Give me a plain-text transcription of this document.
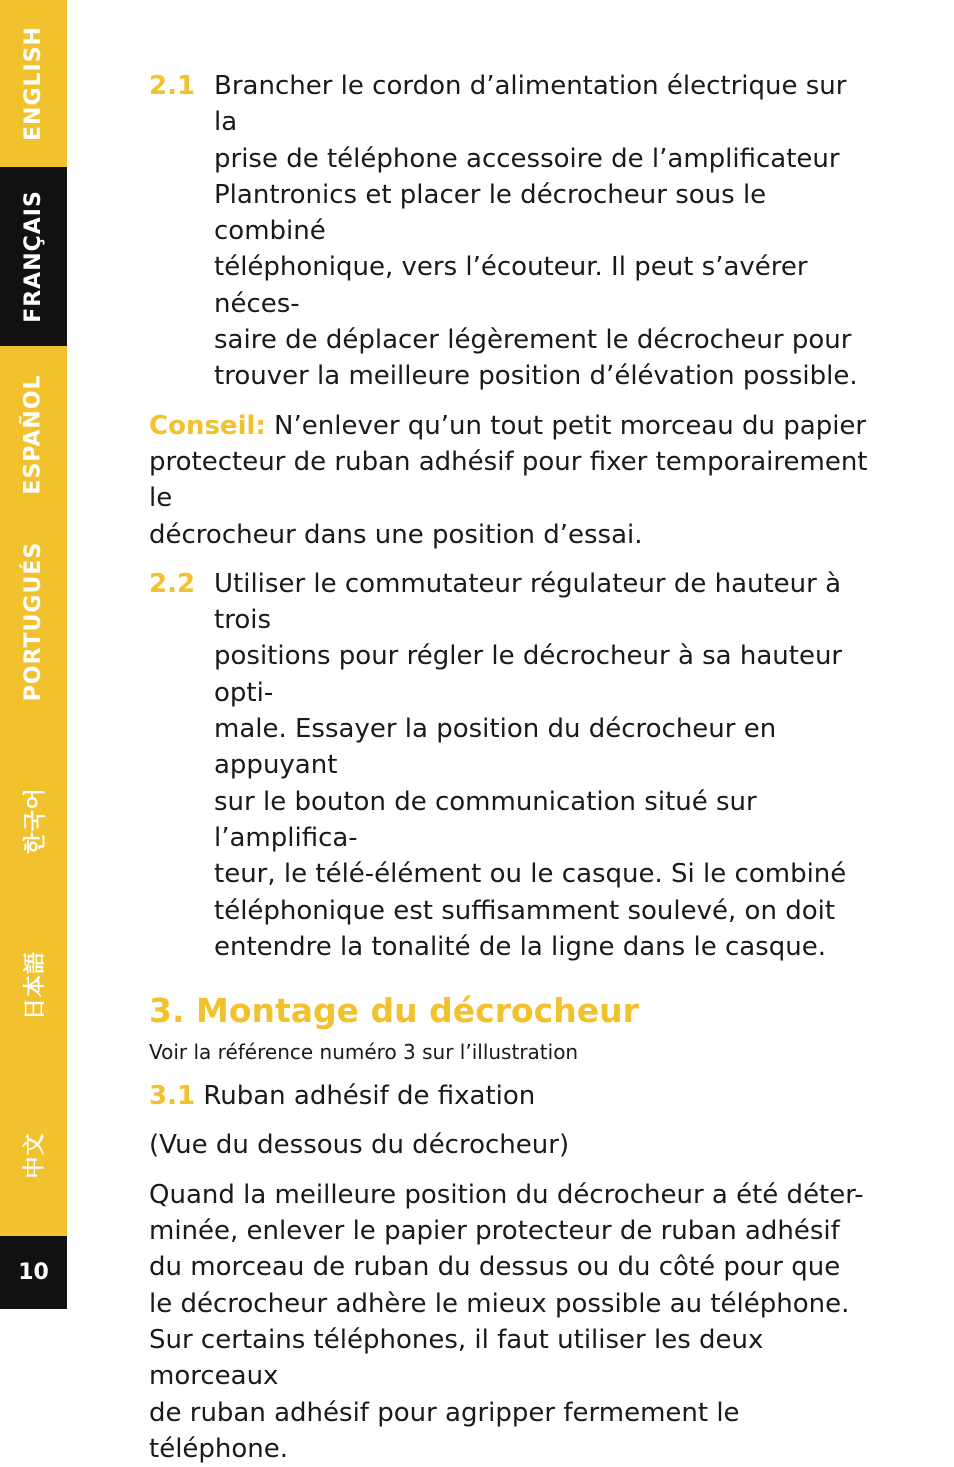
ENGLISH
FRANÇAIS
ESPAÑOL
PORTUGUÉS
한국어
日本語
中文
10
2.1 Brancher le cordon d’alimentation électrique sur la
prise de téléphone accessoire de l’amplificateur
Plantronics et placer le décrocheur sous le combiné
téléphonique, vers l’écouteur. Il peut s’avérer néces-
saire de déplacer légèrement le décrocheur pour
trouver la meilleure position d’élévation possible.

Conseil: N’enlever qu’un tout petit morceau du papier
protecteur de ruban adhésif pour fixer temporairement le
décrocheur dans une position d’essai.

2.2 Utiliser le commutateur régulateur de hauteur à trois
positions pour régler le décrocheur à sa hauteur opti-
male. Essayer la position du décrocheur en appuyant
sur le bouton de communication situé sur l’amplifica-
teur, le télé-élément ou le casque. Si le combiné
téléphonique est suffisamment soulevé, on doit
entendre la tonalité de la ligne dans le casque.
3. Montage du décrocheur

Voir la référence numéro 3 sur l’illustration

3.1 Ruban adhésif de fixation

(Vue du dessous du décrocheur)

Quand la meilleure position du décrocheur a été déter-
minée, enlever le papier protecteur de ruban adhésif
du morceau de ruban du dessus ou du côté pour que
le décrocheur adhère le mieux possible au téléphone.
Sur certains téléphones, il faut utiliser les deux morceaux
de ruban adhésif pour agripper fermement le téléphone.
